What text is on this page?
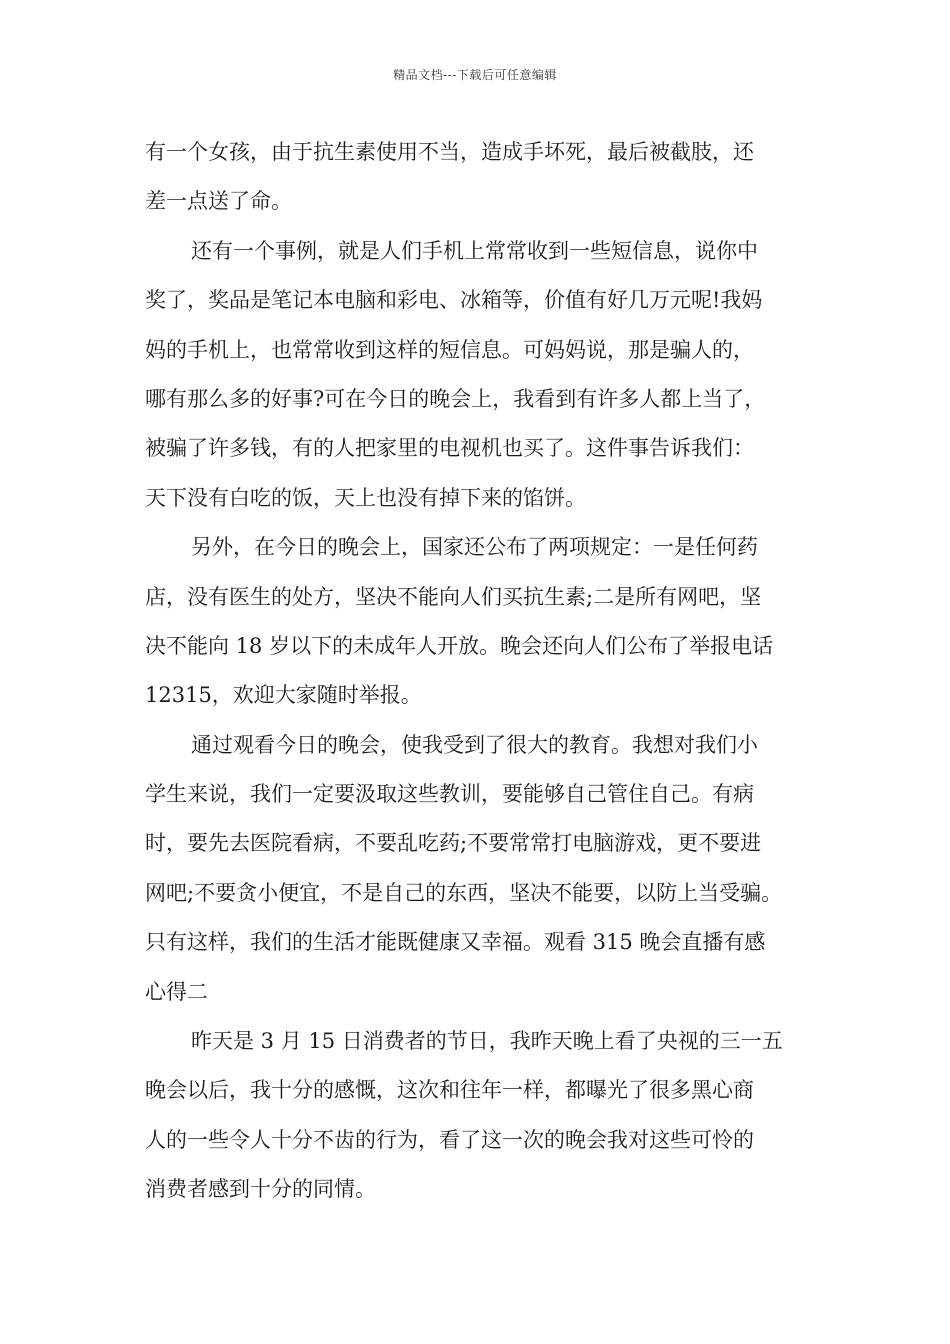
精品文档---下载后可任意编辑
有一个女孩，由于抗生素使用不当，造成手坏死，最后被截肢，还
差一点送了命。
还有一个事例，就是人们手机上常常收到一些短信息，说你中
奖了，奖品是笔记本电脑和彩电、冰箱等，价值有好几万元呢!我妈
妈的手机上，也常常收到这样的短信息。可妈妈说，那是骗人的，
哪有那么多的好事?可在今日的晚会上，我看到有许多人都上当了，
被骗了许多钱，有的人把家里的电视机也买了。这件事告诉我们：
天下没有白吃的饭，天上也没有掉下来的馅饼。
另外，在今日的晚会上，国家还公布了两项规定：一是任何药
店，没有医生的处方，坚决不能向人们买抗生素;二是所有网吧，坚
决不能向 18 岁以下的未成年人开放。晚会还向人们公布了举报电话
12315，欢迎大家随时举报。
通过观看今日的晚会，使我受到了很大的教育。我想对我们小
学生来说，我们一定要汲取这些教训，要能够自己管住自己。有病
时，要先去医院看病，不要乱吃药;不要常常打电脑游戏，更不要进
网吧;不要贪小便宜，不是自己的东西，坚决不能要，以防上当受骗。
只有这样，我们的生活才能既健康又幸福。观看 315 晚会直播有感
心得二
昨天是 3 月 15 日消费者的节日，我昨天晚上看了央视的三一五
晚会以后，我十分的感慨，这次和往年一样，都曝光了很多黑心商
人的一些令人十分不齿的行为，看了这一次的晚会我对这些可怜的
消费者感到十分的同情。
